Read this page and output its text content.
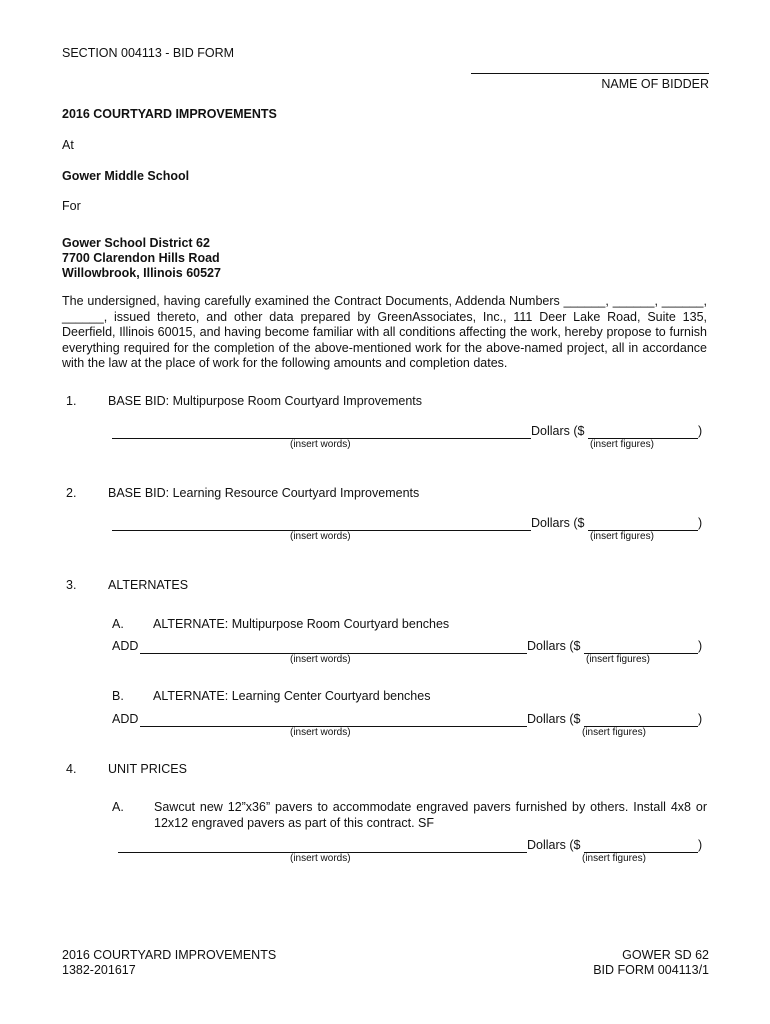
SECTION 004113 - BID FORM
NAME OF BIDDER
2016 COURTYARD IMPROVEMENTS
At
Gower Middle School
For
Gower School District 62
7700 Clarendon Hills Road
Willowbrook, Illinois 60527
The undersigned, having carefully examined the Contract Documents, Addenda Numbers ______, ______, ______, ______, issued thereto, and other data prepared by GreenAssociates, Inc., 111 Deer Lake Road, Suite 135, Deerfield, Illinois 60015, and having become familiar with all conditions affecting the work, hereby propose to furnish everything required for the completion of the above-mentioned work for the above-named project, all in accordance with the law at the place of work for the following amounts and completion dates.
1.	BASE BID: Multipurpose Room Courtyard Improvements
Dollars ($	)
(insert words)	(insert figures)
2.	BASE BID: Learning Resource Courtyard Improvements
Dollars ($	)
(insert words)	(insert figures)
3.	ALTERNATES
A. ALTERNATE: Multipurpose Room Courtyard benches
ADD	Dollars ($	)
(insert words)	(insert figures)
B. ALTERNATE: Learning Center Courtyard benches
ADD	Dollars ($	)
(insert words)	(insert figures)
4.	UNIT PRICES
A. Sawcut new 12”x36” pavers to accommodate engraved pavers furnished by others. Install 4x8 or 12x12 engraved pavers as part of this contract. SF
Dollars ($	)
(insert words)	(insert figures)
2016 COURTYARD IMPROVEMENTS
1382-201617
GOWER SD 62
BID FORM 004113/1
